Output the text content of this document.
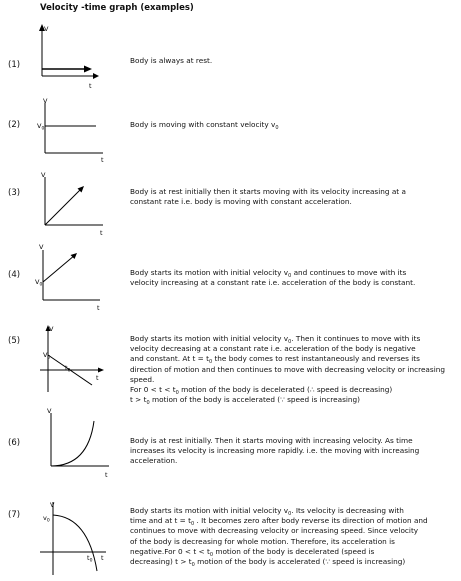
Velocity -time graph (examples)
(1)	Body is always at rest.

V
t
(2)	Body is moving with constant velocity $v_0$

V
$V_0$
t
(3)	Body is at rest initially then it starts moving with its velocity increasing at a

constant rate i.e. body is moving with constant acceleration.

V
t
(4)	Body starts its motion with initial velocity $v_0$ and continues to move with its

velocity increasing at a constant rate i.e. acceleration of the body is constant.

V
$V_0$
t
(5)	Body starts its motion with initial velocity $v_0$. Then it continues to move with its

velocity decreasing at a constant rate i.e. acceleration of the body is negative

and constant. At $t = t_0$ the body comes to rest instantaneously and reverses its

direction of motion and then continues to move with decreasing velocity or increasing

speed.

For $0 < t < t_0$ motion of the body is decelerated (∴ speed is decreasing)

$t > t_0$ motion of the body is accelerated (∵ speed is increasing)

V
$V_0$
$t_0$
t
(6)	Body is at rest initially. Then it starts moving with increasing velocity. As time

increases its velocity is increasing more rapidly. i.e. the moving with increasing

acceleration.

V
t
(7)	Body starts its motion with initial velocity $v_0$. Its velocity is decreasing with

time and at $t = t_0$ . It becomes zero after body reverse its direction of motion and

continues to move with decreasing velocity or increasing speed. Since velocity

of the body is decreasing for whole motion. Therefore, its acceleration is

negative.For $0 < t < t_0$ motion of the body is decelerated (speed is

decreasing) $t > t_0$ motion of the body is accelerated (∵ speed is increasing)

V
$v_0$
$t_0$ t
